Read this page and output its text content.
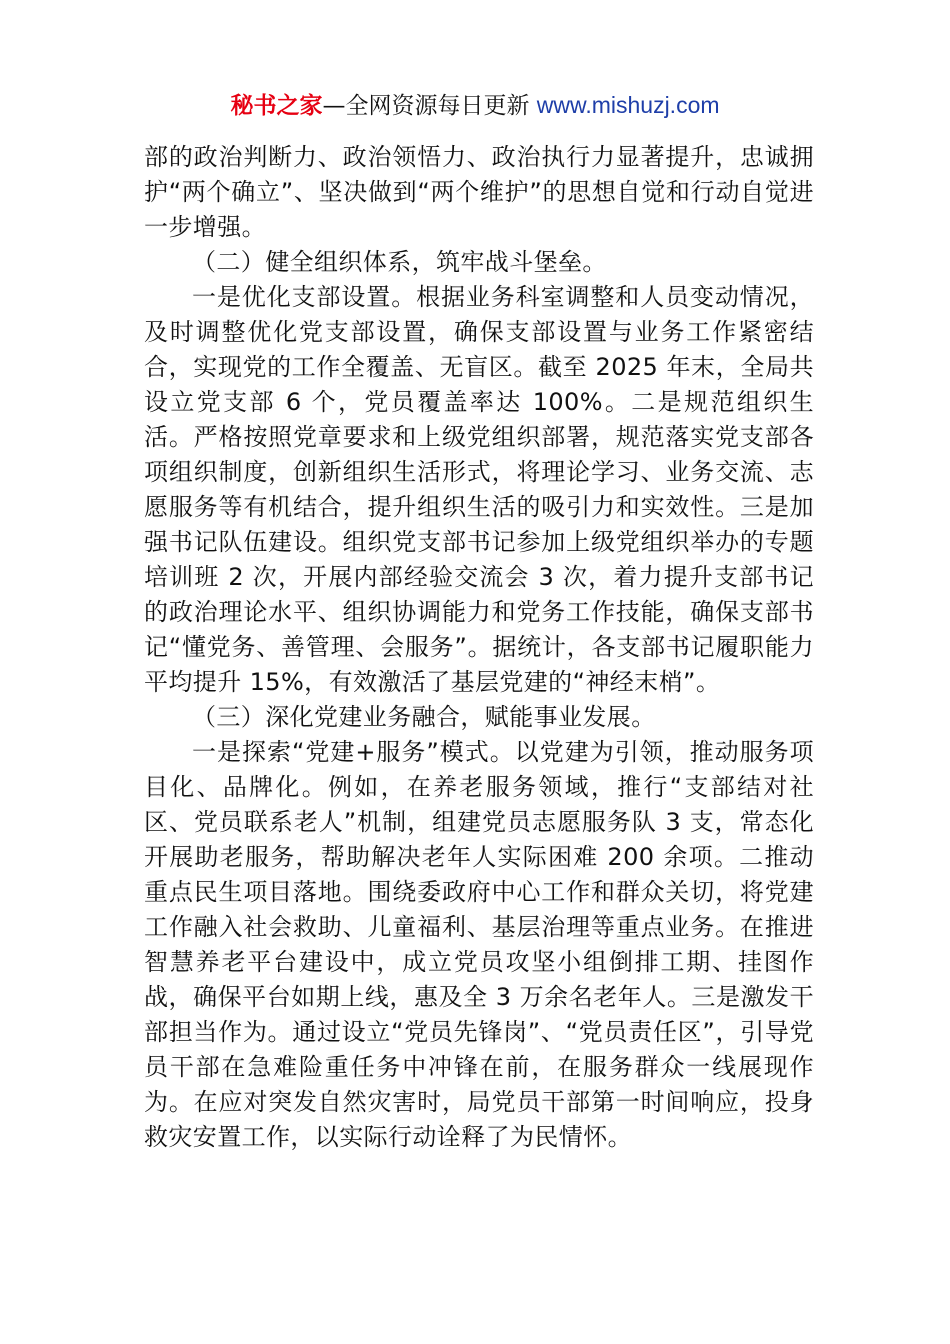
秘书之家—全网资源每日更新 www.mishuzj.com

部的政治判断力、政治领悟力、政治执行力显著提升，忠诚拥护“两个确立”、坚决做到“两个维护”的思想自觉和行动自觉进一步增强。

（二）健全组织体系，筑牢战斗堡垒。

一是优化支部设置。根据业务科室调整和人员变动情况，及时调整优化党支部设置，确保支部设置与业务工作紧密结合，实现党的工作全覆盖、无盲区。截至 2025 年末，全局共设立党支部 6 个，党员覆盖率达 100%。二是规范组织生活。严格按照党章要求和上级党组织部署，规范落实党支部各项组织制度，创新组织生活形式，将理论学习、业务交流、志愿服务等有机结合，提升组织生活的吸引力和实效性。三是加强书记队伍建设。组织党支部书记参加上级党组织举办的专题培训班 2 次，开展内部经验交流会 3 次，着力提升支部书记的政治理论水平、组织协调能力和党务工作技能，确保支部书记“懂党务、善管理、会服务”。据统计，各支部书记履职能力平均提升 15%，有效激活了基层党建的“神经末梢”。

（三）深化党建业务融合，赋能事业发展。

一是探索“党建+服务”模式。以党建为引领，推动服务项目化、品牌化。例如，在养老服务领域，推行“支部结对社区、党员联系老人”机制，组建党员志愿服务队 3 支，常态化开展助老服务，帮助解决老年人实际困难 200 余项。二推动重点民生项目落地。围绕委政府中心工作和群众关切，将党建工作融入社会救助、儿童福利、基层治理等重点业务。在推进智慧养老平台建设中，成立党员攻坚小组倒排工期、挂图作战，确保平台如期上线，惠及全 3 万余名老年人。三是激发干部担当作为。通过设立“党员先锋岗”、“党员责任区”，引导党员干部在急难险重任务中冲锋在前，在服务群众一线展现作为。在应对突发自然灾害时，局党员干部第一时间响应，投身救灾安置工作，以实际行动诠释了为民情怀。
